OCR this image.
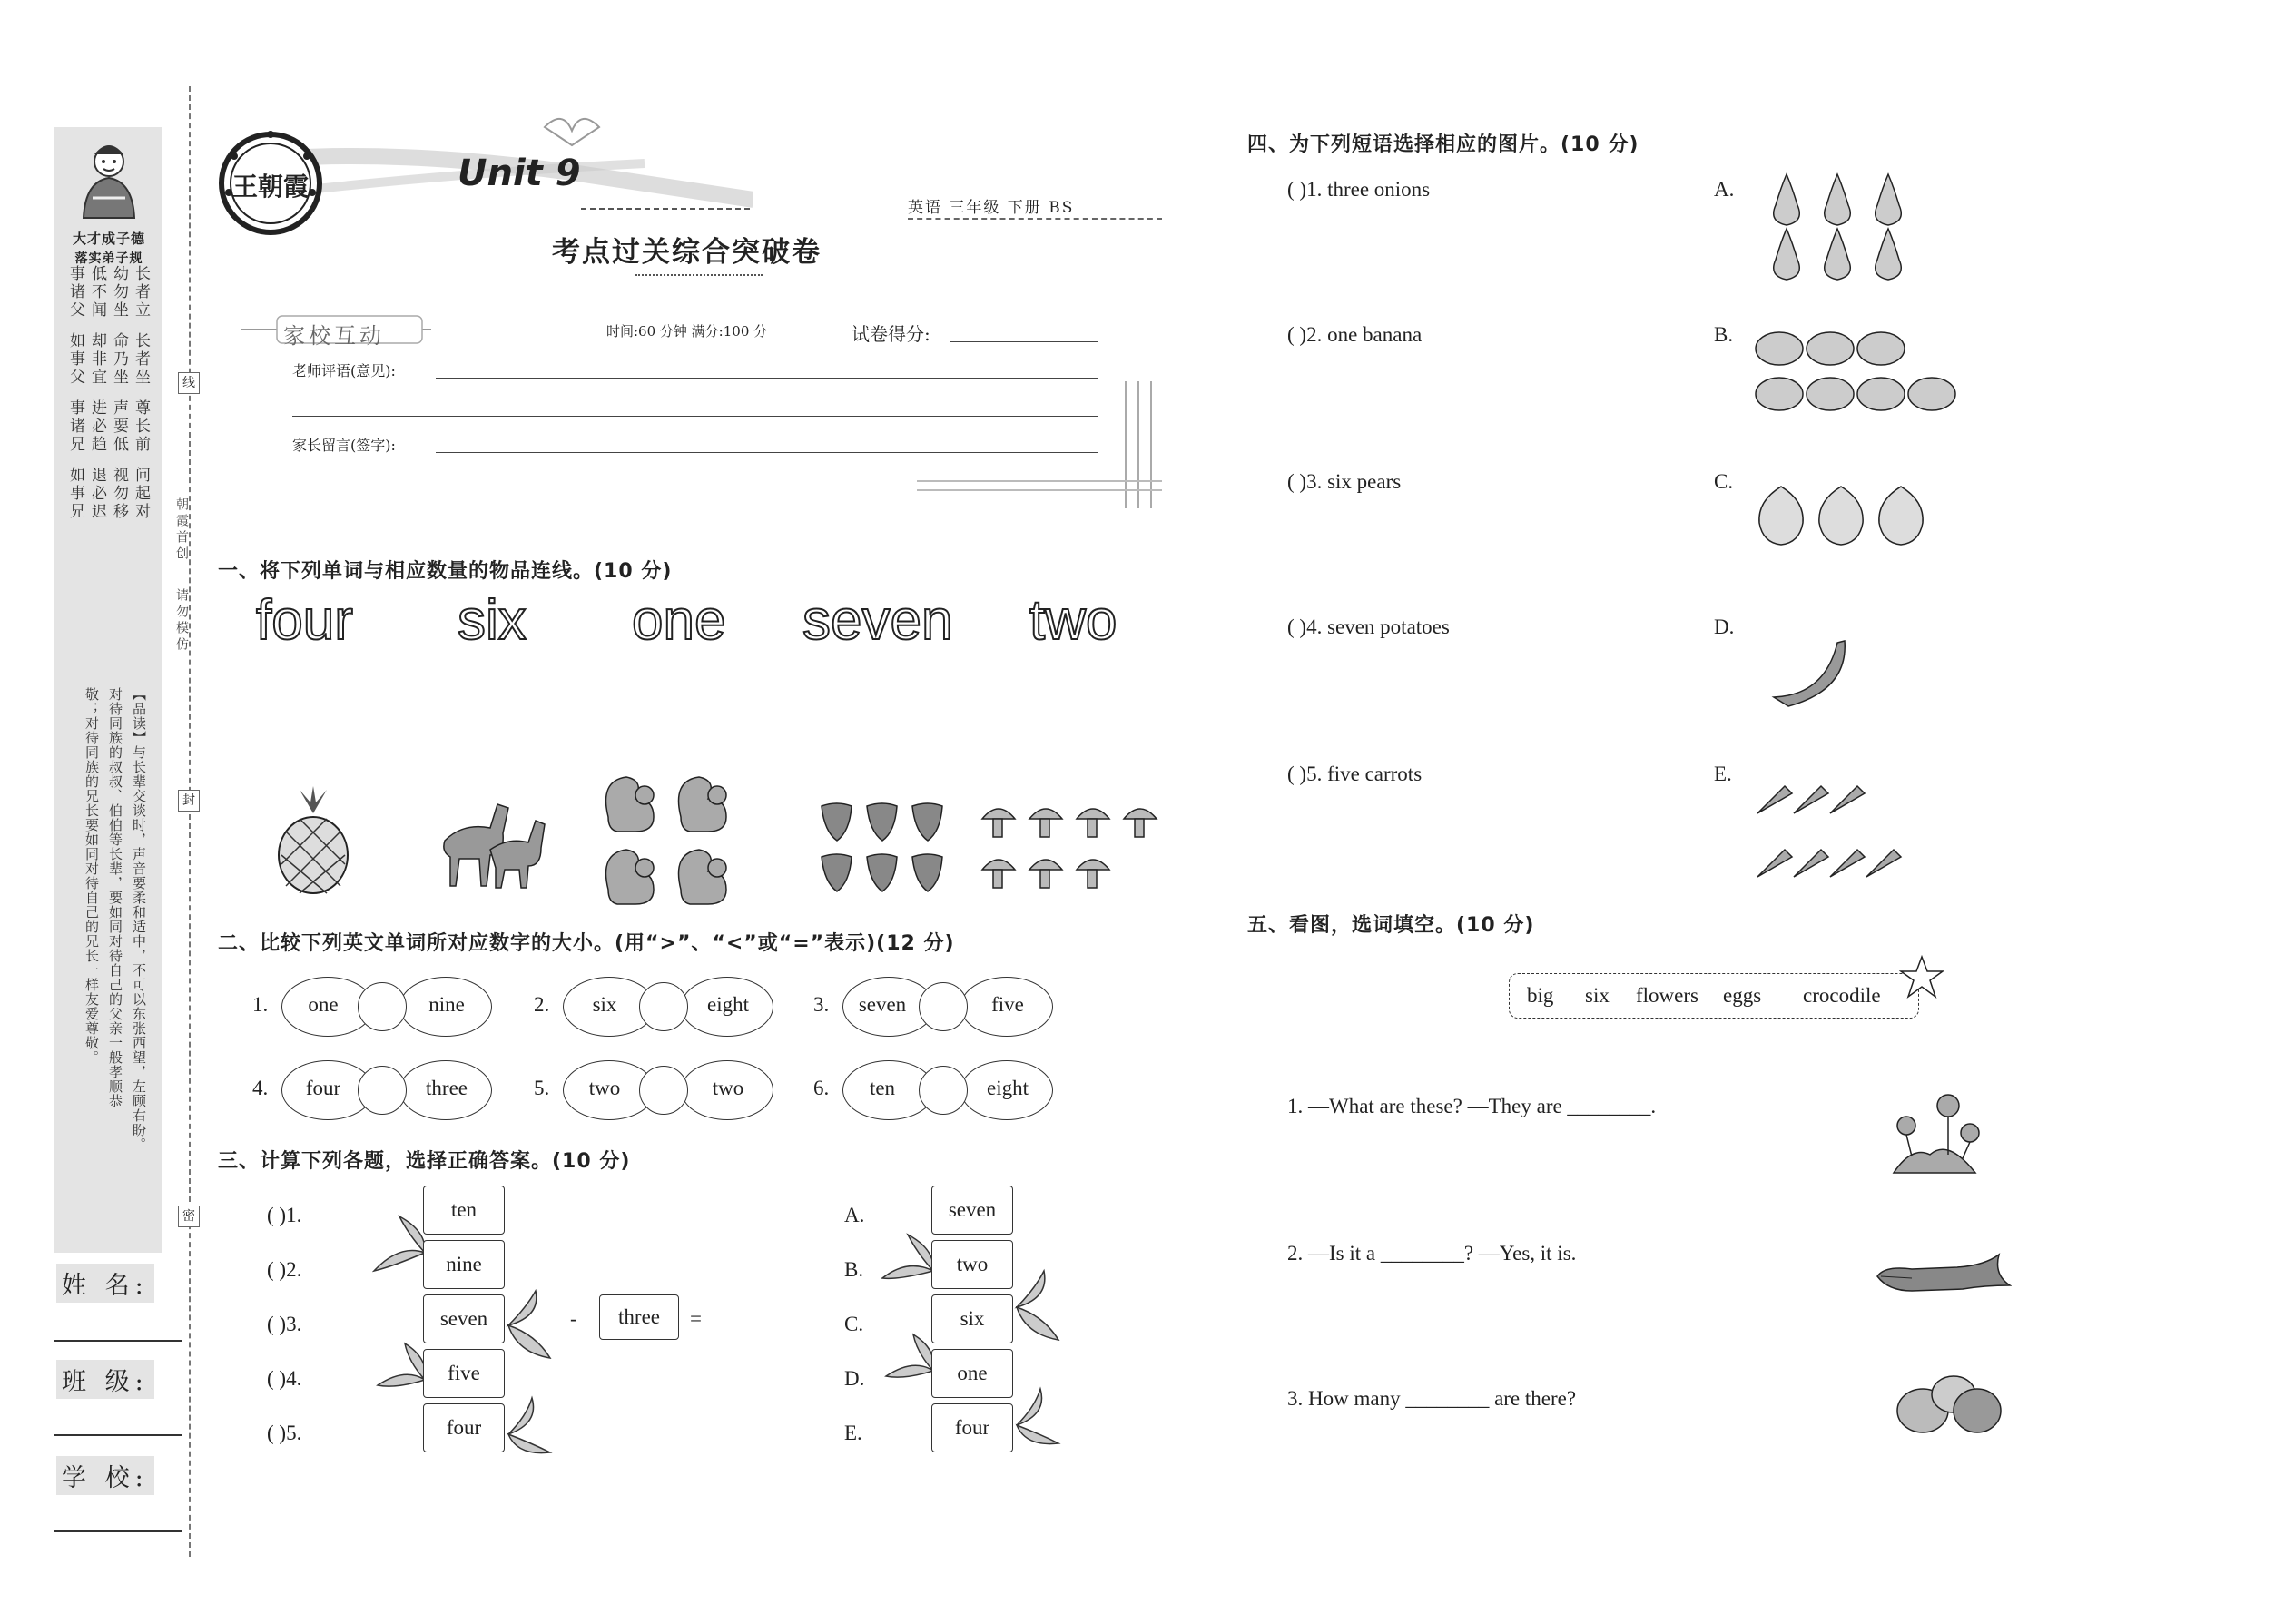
大才成子德
落实弟子规
长者立
长者坐
尊长前
幼勿坐
命乃坐
声要低
低不闻
却非宜
进必趋
退必迟 问起对
视勿移
事诸父
如事父
事诸兄
如事兄
【品读】与长辈交谈时，声音要柔和适中，不可以东张西望，左顾右盼。
对待同族的叔叔、伯伯等长辈，要如同对待自己的父亲一般孝顺恭
敬；对待同族的兄长要如同对待自己的兄长一样友爱尊敬。
姓 名:
班 级:
学 校:
线
封
密
朝霞首创
请勿模仿
王朝霞	Unit 9
考点过关综合突破卷
英语 三年级 下册 BS
家校互动	时间:60 分钟 满分:100 分	试卷得分:
老师评语(意见):
家长留言(签字):
一、将下列单词与相应数量的物品连线。(10 分)
four six one seven two
二、比较下列英文单词所对应数字的大小。(用“>”、“<”或“=”表示)(12 分)
1.	one	nine	2.	six	eight	3.	seven	five
4.	four	three	5.	two	two	6.	ten	eight
三、计算下列各题，选择正确答案。(10 分)
( )1.
( )2.
( )3.
( )4.
( )5.
ten
nine
seven
five
four
-	three	=
A.
B.
C.
D.
E.
seven
two
six
one
four
四、为下列短语选择相应的图片。(10 分)
( )1. three onions
( )2. one banana
( )3. six pears
( )4. seven potatoes
( )5. five carrots
A.
B.
C.
D.
E.
五、看图，选词填空。(10 分)
big six flowers eggs crocodile
1. —What are these? —They are ________.
2. —Is it a ________? —Yes, it is.
3. How many ________ are there?
